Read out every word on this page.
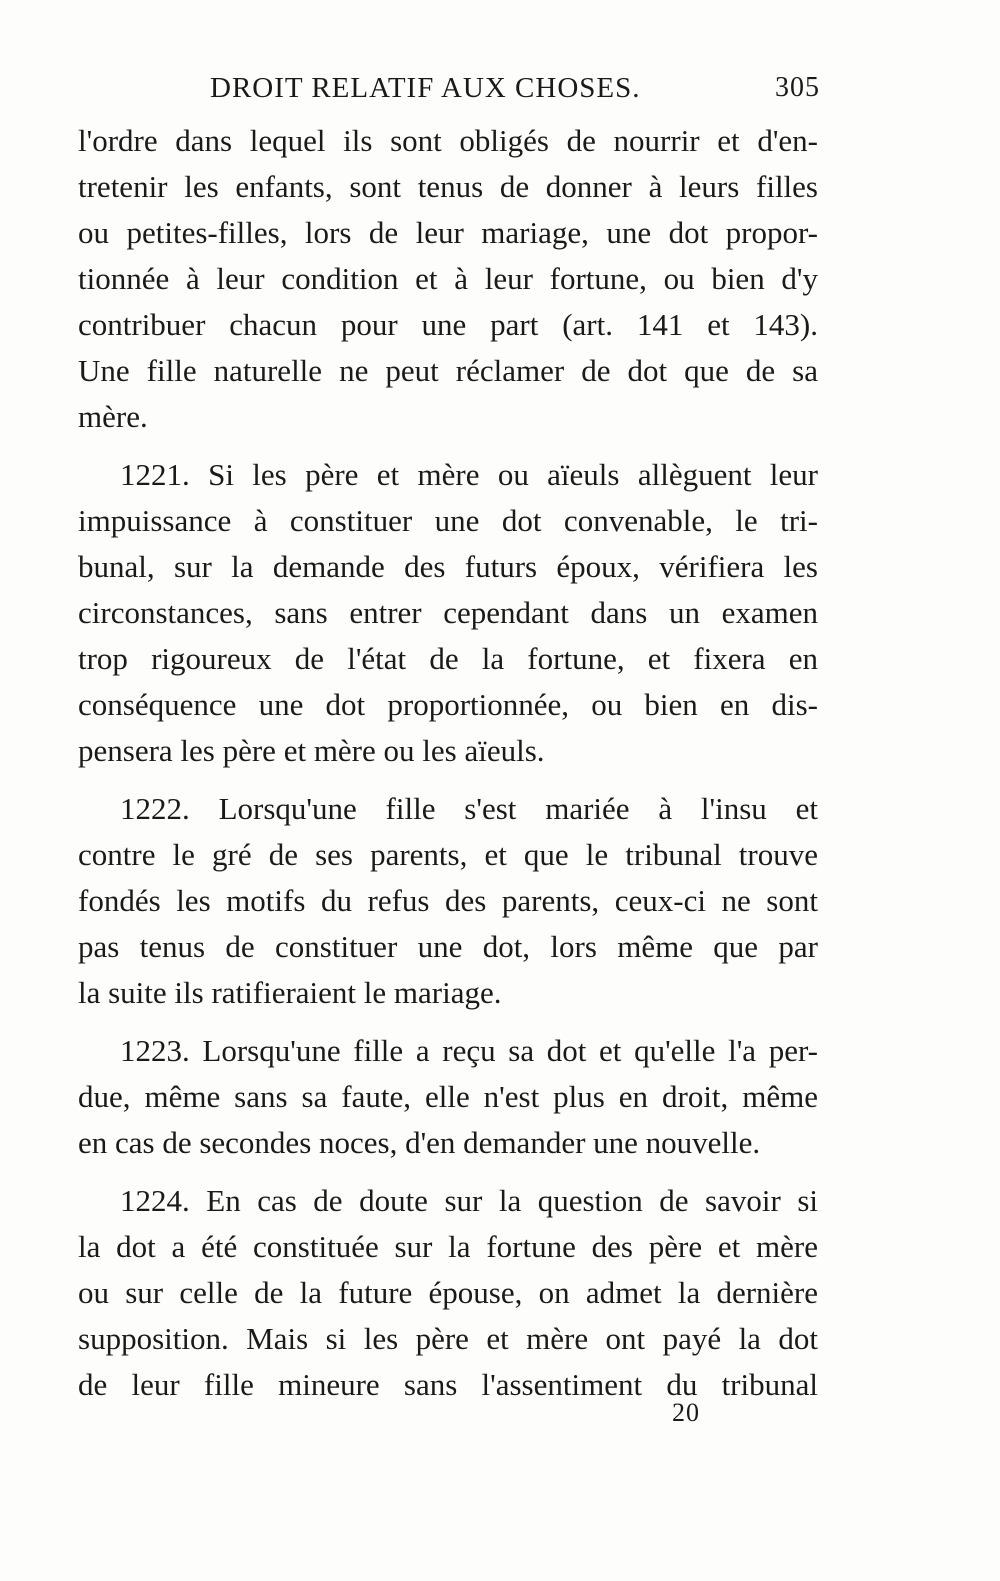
DROIT RELATIF AUX CHOSES.	305
l'ordre dans lequel ils sont obligés de nourrir et d'en-
tretenir les enfants, sont tenus de donner à leurs filles
ou petites-filles, lors de leur mariage, une dot propor-
tionnée à leur condition et à leur fortune, ou bien d'y
contribuer chacun pour une part (art. 141 et 143).
Une fille naturelle ne peut réclamer de dot que de sa
mère.
1221. Si les père et mère ou aïeuls allèguent leur
impuissance à constituer une dot convenable, le tri-
bunal, sur la demande des futurs époux, vérifiera les
circonstances, sans entrer cependant dans un examen
trop rigoureux de l'état de la fortune, et fixera en
conséquence une dot proportionnée, ou bien en dis-
pensera les père et mère ou les aïeuls.
1222. Lorsqu'une fille s'est mariée à l'insu et
contre le gré de ses parents, et que le tribunal trouve
fondés les motifs du refus des parents, ceux-ci ne sont
pas tenus de constituer une dot, lors même que par
la suite ils ratifieraient le mariage.
1223. Lorsqu'une fille a reçu sa dot et qu'elle l'a per-
due, même sans sa faute, elle n'est plus en droit, même
en cas de secondes noces, d'en demander une nouvelle.
1224. En cas de doute sur la question de savoir si
la dot a été constituée sur la fortune des père et mère
ou sur celle de la future épouse, on admet la dernière
supposition. Mais si les père et mère ont payé la dot
de leur fille mineure sans l'assentiment du tribunal
20
